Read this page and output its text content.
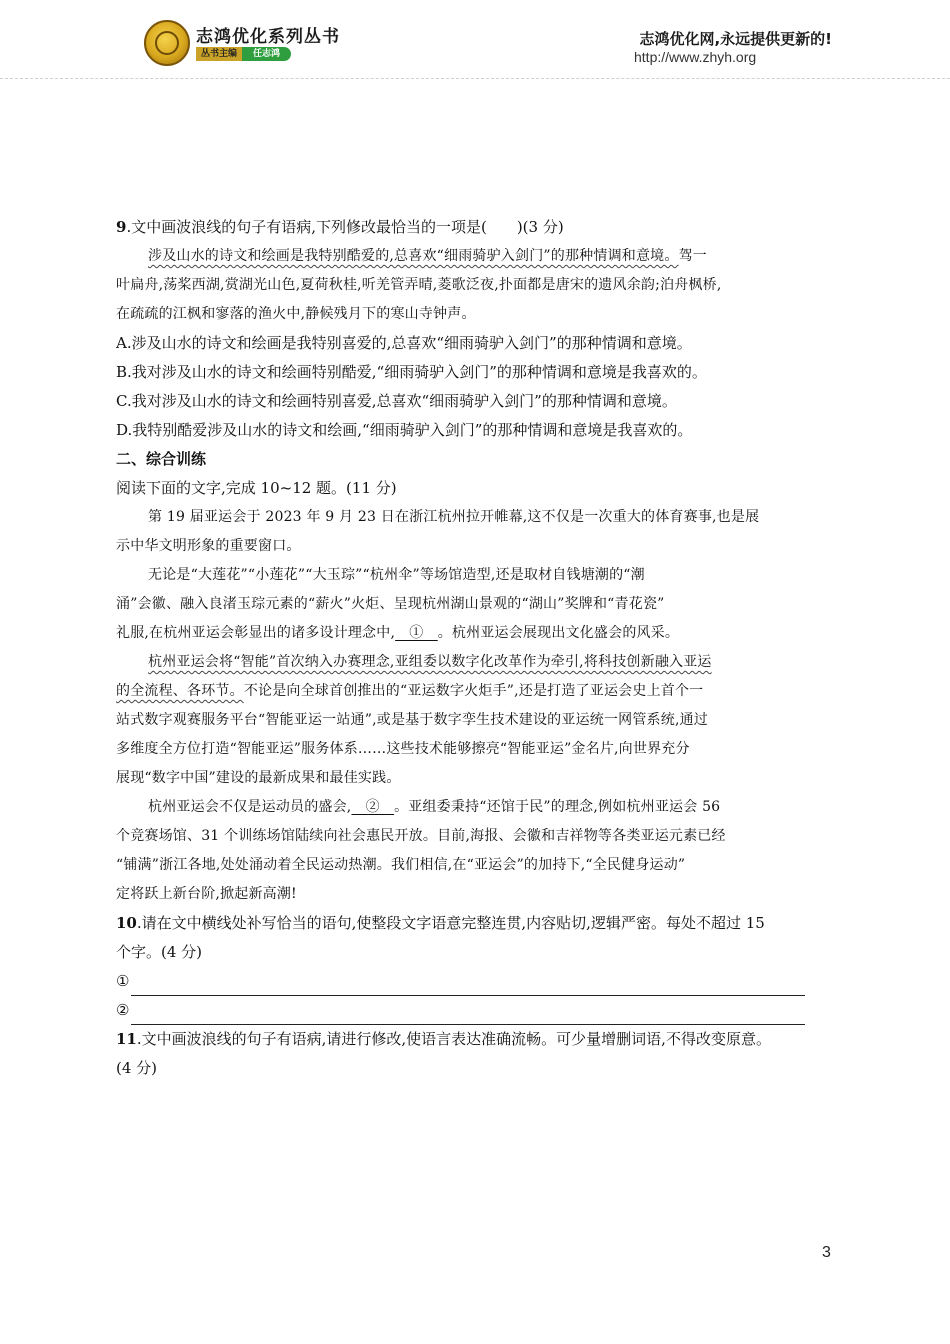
志鸿优化系列丛书
丛书主编	任志鸿
志鸿优化网,永远提供更新的!
http://www.zhyh.org
9.文中画波浪线的句子有语病,下列修改最恰当的一项是(　　)(3 分)
涉及山水的诗文和绘画是我特别酷爱的,总喜欢“细雨骑驴入剑门”的那种情调和意境。驾一
叶扁舟,荡桨西湖,赏湖光山色,夏荷秋桂,听羌管弄晴,菱歌泛夜,扑面都是唐宋的遗风余韵;泊舟枫桥,
在疏疏的江枫和寥落的渔火中,静候残月下的寒山寺钟声。
A.涉及山水的诗文和绘画是我特别喜爱的,总喜欢“细雨骑驴入剑门”的那种情调和意境。
B.我对涉及山水的诗文和绘画特别酷爱,“细雨骑驴入剑门”的那种情调和意境是我喜欢的。
C.我对涉及山水的诗文和绘画特别喜爱,总喜欢“细雨骑驴入剑门”的那种情调和意境。
D.我特别酷爱涉及山水的诗文和绘画,“细雨骑驴入剑门”的那种情调和意境是我喜欢的。
二、综合训练
阅读下面的文字,完成 10~12 题。(11 分)
第 19 届亚运会于 2023 年 9 月 23 日在浙江杭州拉开帷幕,这不仅是一次重大的体育赛事,也是展
示中华文明形象的重要窗口。
无论是“大莲花”“小莲花”“大玉琮”“杭州伞”等场馆造型,还是取材自钱塘潮的“潮
涌”会徽、融入良渚玉琮元素的“薪火”火炬、呈现杭州湖山景观的“湖山”奖牌和“青花瓷”
礼服,在杭州亚运会彰显出的诸多设计理念中,　①　。杭州亚运会展现出文化盛会的风采。
杭州亚运会将“智能”首次纳入办赛理念,亚组委以数字化改革作为牵引,将科技创新融入亚运
的全流程、各环节。不论是向全球首创推出的“亚运数字火炬手”,还是打造了亚运会史上首个一
站式数字观赛服务平台“智能亚运一站通”,或是基于数字孪生技术建设的亚运统一网管系统,通过
多维度全方位打造“智能亚运”服务体系……这些技术能够擦亮“智能亚运”金名片,向世界充分
展现“数字中国”建设的最新成果和最佳实践。
杭州亚运会不仅是运动员的盛会,　②　。亚组委秉持“还馆于民”的理念,例如杭州亚运会 56
个竞赛场馆、31 个训练场馆陆续向社会惠民开放。目前,海报、会徽和吉祥物等各类亚运元素已经
“铺满”浙江各地,处处涌动着全民运动热潮。我们相信,在“亚运会”的加持下,“全民健身运动”
定将跃上新台阶,掀起新高潮!
10.请在文中横线处补写恰当的语句,使整段文字语意完整连贯,内容贴切,逻辑严密。每处不超过 15
个字。(4 分)
①
②
11.文中画波浪线的句子有语病,请进行修改,使语言表达准确流畅。可少量增删词语,不得改变原意。
(4 分)
3
